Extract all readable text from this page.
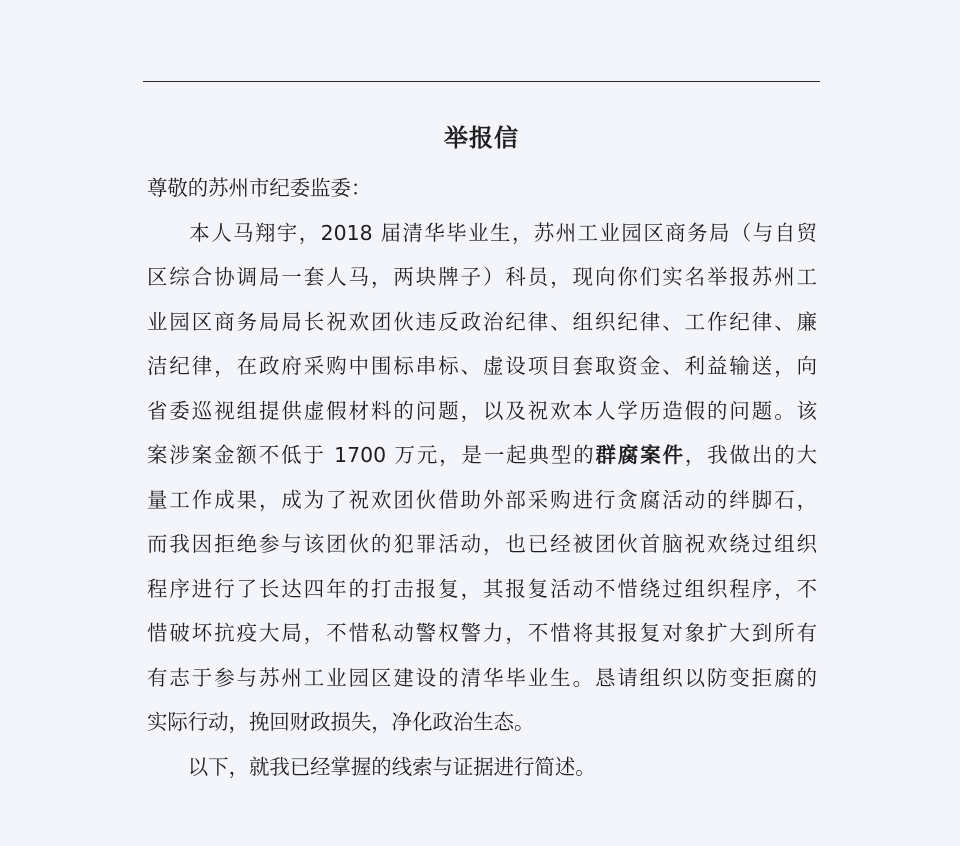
举报信

尊敬的苏州市纪委监委：

本人马翔宇，2018 届清华毕业生，苏州工业园区商务局（与自贸
区综合协调局一套人马，两块牌子）科员，现向你们实名举报苏州工
业园区商务局局长祝欢团伙违反政治纪律、组织纪律、工作纪律、廉
洁纪律，在政府采购中围标串标、虚设项目套取资金、利益输送，向
省委巡视组提供虚假材料的问题，以及祝欢本人学历造假的问题。该
案涉案金额不低于 1700 万元，是一起典型的群腐案件，我做出的大
量工作成果，成为了祝欢团伙借助外部采购进行贪腐活动的绊脚石，
而我因拒绝参与该团伙的犯罪活动，也已经被团伙首脑祝欢绕过组织
程序进行了长达四年的打击报复，其报复活动不惜绕过组织程序，不
惜破坏抗疫大局，不惜私动警权警力，不惜将其报复对象扩大到所有
有志于参与苏州工业园区建设的清华毕业生。恳请组织以防变拒腐的
实际行动，挽回财政损失，净化政治生态。
以下，就我已经掌握的线索与证据进行简述。
